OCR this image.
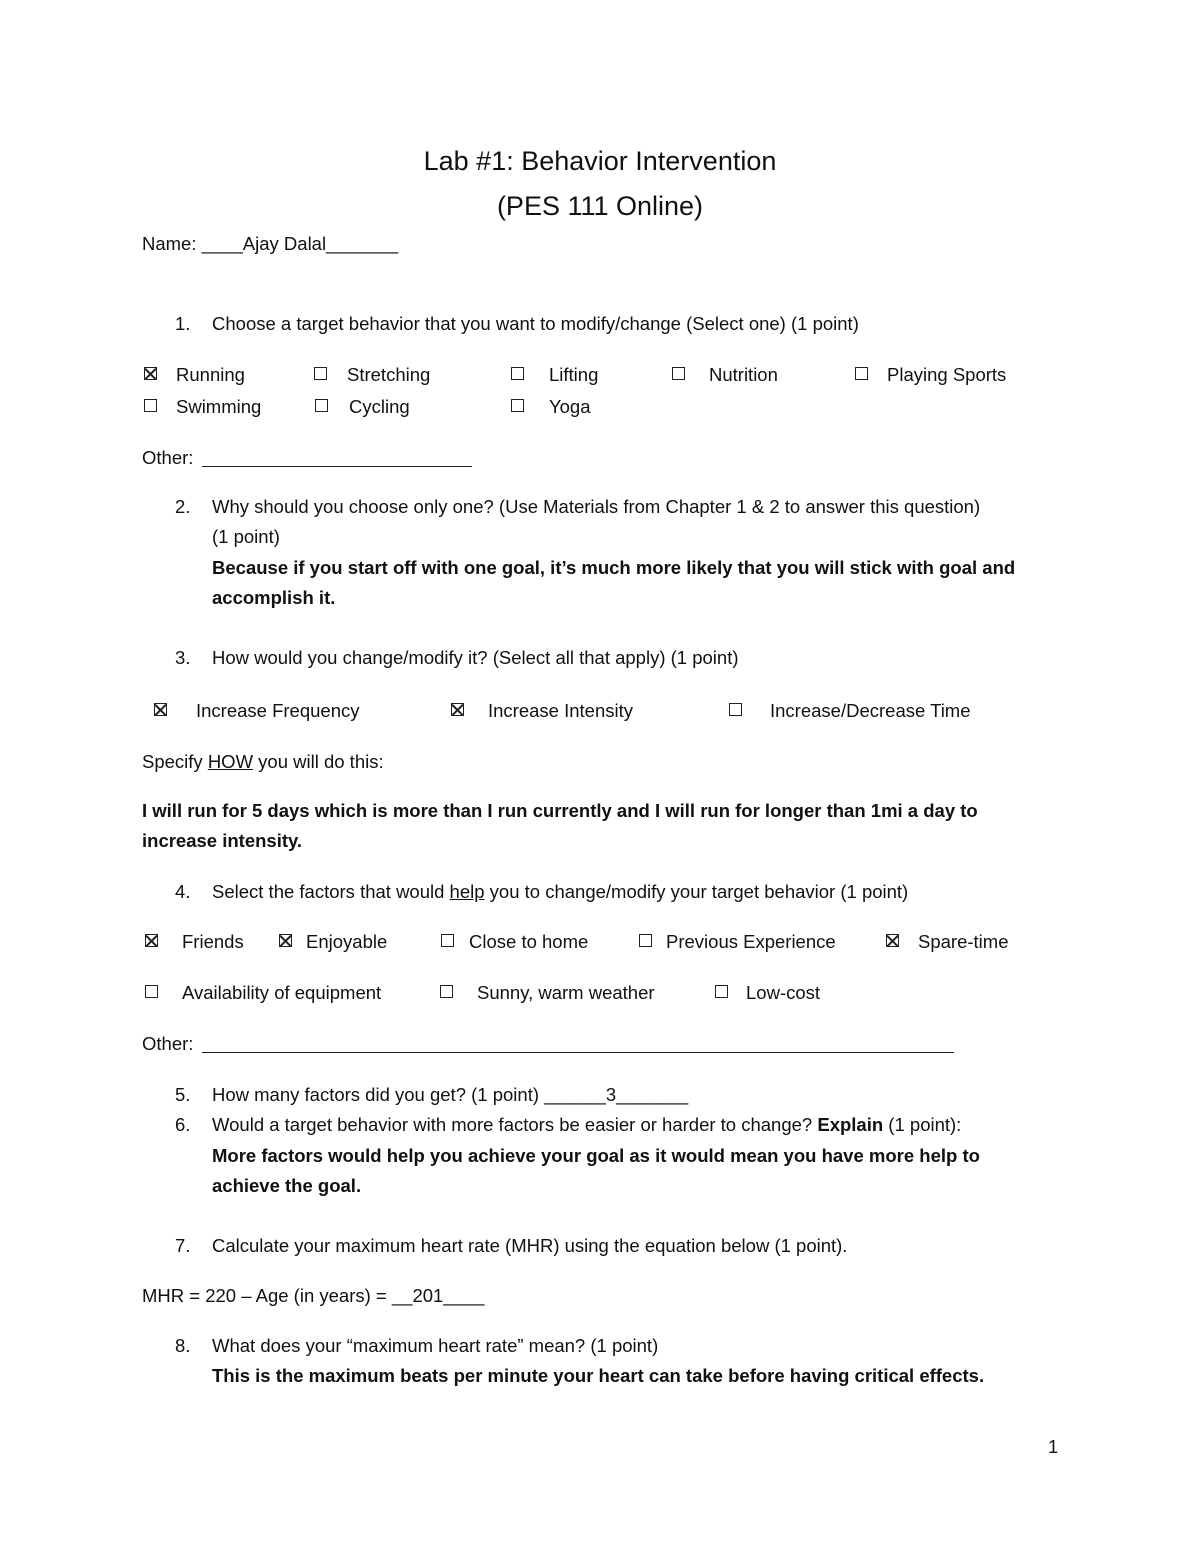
Lab #1: Behavior Intervention
(PES 111 Online)
Name: ____Ajay Dalal_______
1. Choose a target behavior that you want to modify/change (Select one) (1 point)
Running	Stretching	Lifting	Nutrition	Playing Sports
Swimming	Cycling	Yoga
Other:
2. Why should you choose only one? (Use Materials from Chapter 1 & 2 to answer this question)
(1 point)
Because if you start off with one goal, it’s much more likely that you will stick with goal and
accomplish it.
3. How would you change/modify it? (Select all that apply) (1 point)
Increase Frequency	Increase Intensity	Increase/Decrease Time
Specify HOW you will do this:
I will run for 5 days which is more than I run currently and I will run for longer than 1mi a day to
increase intensity.
4. Select the factors that would help you to change/modify your target behavior (1 point)
Friends	Enjoyable	Close to home	Previous Experience	Spare-time
Availability of equipment	Sunny, warm weather	Low-cost
Other:
5. How many factors did you get? (1 point) ______3_______
6. Would a target behavior with more factors be easier or harder to change? Explain (1 point):
More factors would help you achieve your goal as it would mean you have more help to
achieve the goal.
7. Calculate your maximum heart rate (MHR) using the equation below (1 point).
MHR = 220 – Age (in years) = __201____
8. What does your “maximum heart rate” mean? (1 point)
This is the maximum beats per minute your heart can take before having critical effects.
1
